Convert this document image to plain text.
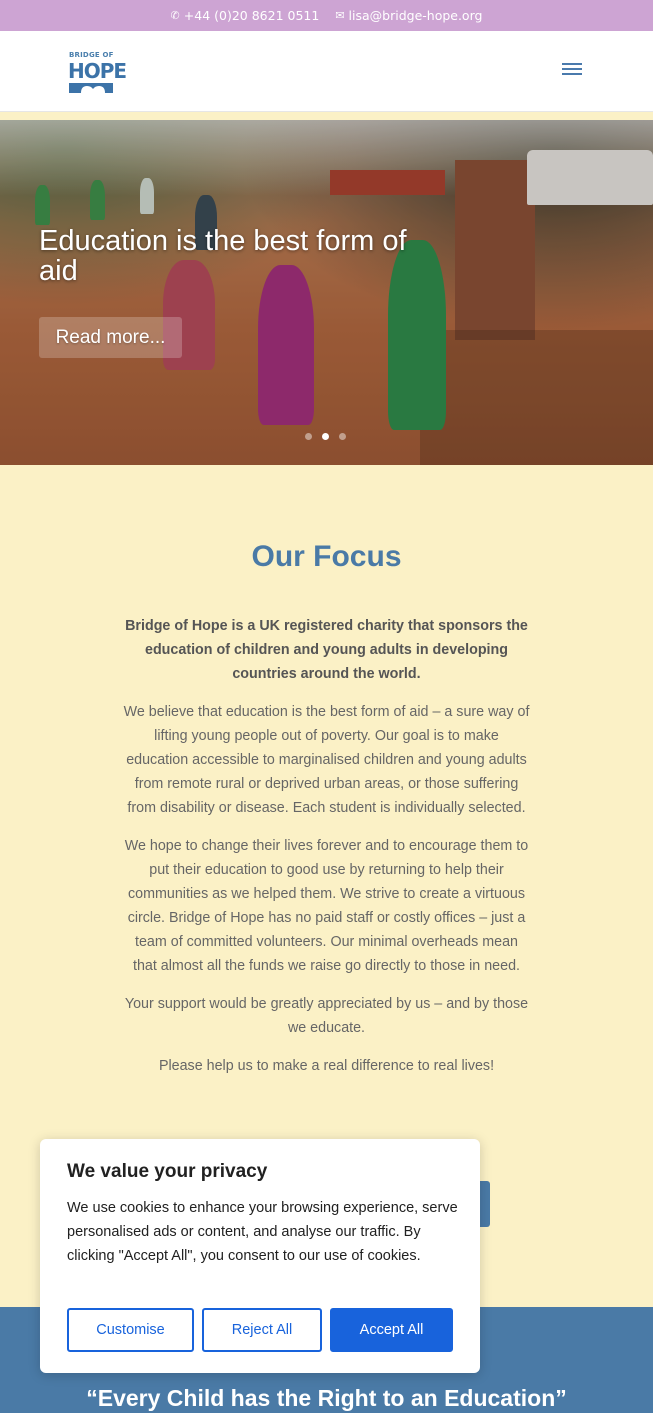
✆ +44 (0)20 8621 0511 ✉ lisa@bridge-hope.org
BRIDGE OF
HOPE
Education is the best form of aid
Read more...
Our Focus

Bridge of Hope is a UK registered charity that sponsors the education of children and young adults in developing countries around the world.

We believe that education is the best form of aid – a sure way of lifting young people out of poverty. Our goal is to make education accessible to marginalised children and young adults from remote rural or deprived urban areas, or those suffering from disability or disease. Each student is individually selected.

We hope to change their lives forever and to encourage them to put their education to good use by returning to help their communities as we helped them. We strive to create a virtuous circle. Bridge of Hope has no paid staff or costly offices – just a team of committed volunteers. Our minimal overheads mean that almost all the funds we raise go directly to those in need.

Your support would be greatly appreciated by us – and by those we educate.

Please help us to make a real difference to real lives!

“Every Child has the Right to an Education”
We value your privacy
We use cookies to enhance your browsing experience, serve personalised ads or content, and analyse our traffic. By clicking "Accept All", you consent to our use of cookies.
Customise	Reject All	Accept All
